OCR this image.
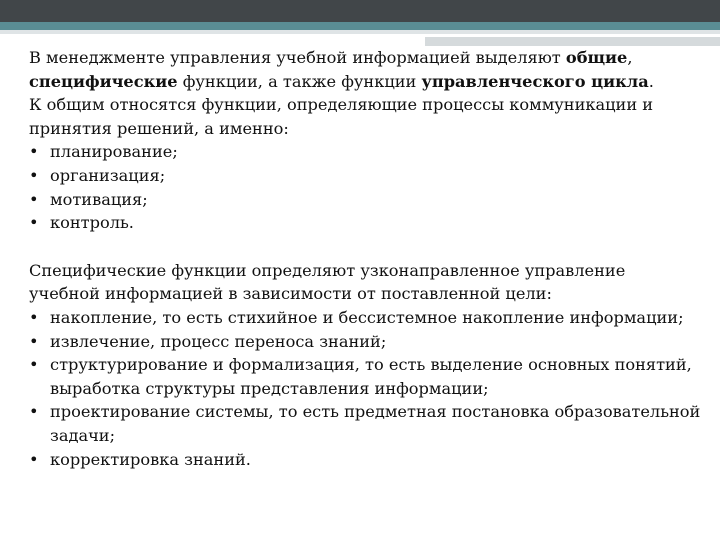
В менеджменте управления учебной информацией выделяют общие, специфические функции, а также функции управленческого цикла.

К общим относятся функции, определяющие процессы коммуникации и принятия решений, а именно:

• планирование;
• организация;
• мотивация;
• контроль.

Специфические функции определяют узконаправленное управление учебной информацией в зависимости от поставленной цели:

• накопление, то есть стихийное и бессистемное накопление информации;
• извлечение, процесс переноса знаний;
• структурирование и формализация, то есть выделение основных понятий, выработка структуры представления информации;
• проектирование системы, то есть предметная постановка образовательной задачи;
• корректировка знаний.
